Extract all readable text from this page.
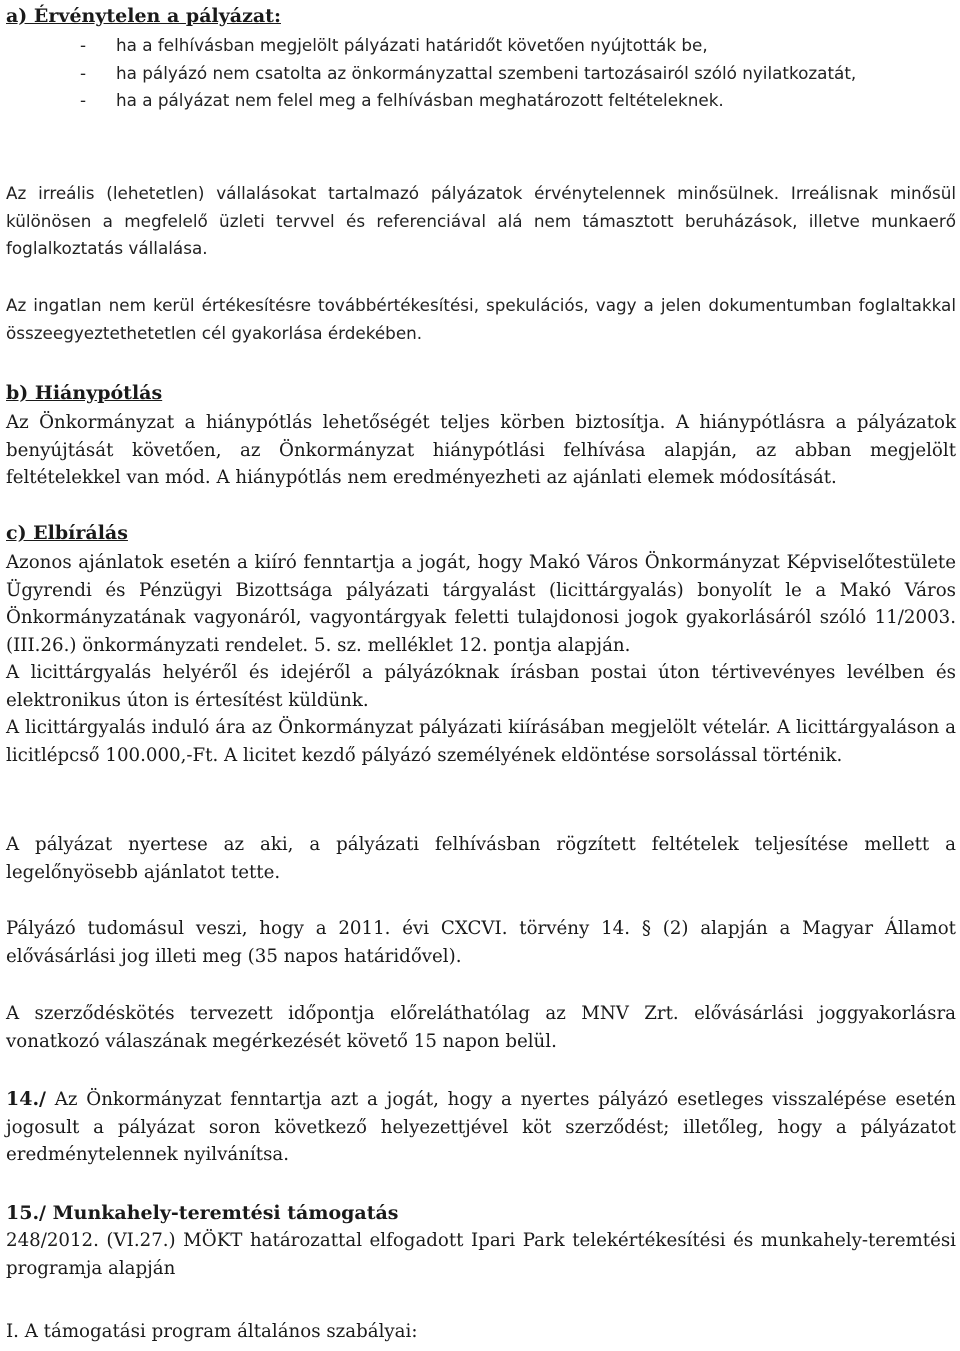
a) Érvénytelen a pályázat:

- ha a felhívásban megjelölt pályázati határidőt követően nyújtották be,
- ha pályázó nem csatolta az önkormányzattal szembeni tartozásairól szóló nyilatkozatát,
- ha a pályázat nem felel meg a felhívásban meghatározott feltételeknek.
Az irreális (lehetetlen) vállalásokat tartalmazó pályázatok érvénytelennek minősülnek. Irreálisnak minősül különösen a megfelelő üzleti tervvel és referenciával alá nem támasztott beruházások, illetve munkaerő foglalkoztatás vállalása.
Az ingatlan nem kerül értékesítésre továbbértékesítési, spekulációs, vagy a jelen dokumentumban foglaltakkal összeegyeztethetetlen cél gyakorlása érdekében.

b) Hiánypótlás

Az Önkormányzat a hiánypótlás lehetőségét teljes körben biztosítja. A hiánypótlásra a pályázatok benyújtását követően, az Önkormányzat hiánypótlási felhívása alapján, az abban megjelölt feltételekkel van mód. A hiánypótlás nem eredményezheti az ajánlati elemek módosítását.

c) Elbírálás

Azonos ajánlatok esetén a kiíró fenntartja a jogát, hogy Makó Város Önkormányzat Képviselőtestülete Ügyrendi és Pénzügyi Bizottsága pályázati tárgyalást (licittárgyalás) bonyolít le a Makó Város Önkormányzatának vagyonáról, vagyontárgyak feletti tulajdonosi jogok gyakorlásáról szóló 11/2003. (III.26.) önkormányzati rendelet. 5. sz. melléklet 12. pontja alapján.

A licittárgyalás helyéről és idejéről a pályázóknak írásban postai úton tértivevényes levélben és elektronikus úton is értesítést küldünk.

A licittárgyalás induló ára az Önkormányzat pályázati kiírásában megjelölt vételár. A licittárgyaláson a licitlépcső 100.000,-Ft. A licitet kezdő pályázó személyének eldöntése sorsolással történik.

A pályázat nyertese az aki, a pályázati felhívásban rögzített feltételek teljesítése mellett a legelőnyösebb ajánlatot tette.
Pályázó tudomásul veszi, hogy a 2011. évi CXCVI. törvény 14. § (2) alapján a Magyar Államot elővásárlási jog illeti meg (35 napos határidővel).
A szerződéskötés tervezett időpontja előreláthatólag az MNV Zrt. elővásárlási joggyakorlásra vonatkozó válaszának megérkezését követő 15 napon belül.
14./ Az Önkormányzat fenntartja azt a jogát, hogy a nyertes pályázó esetleges visszalépése esetén jogosult a pályázat soron következő helyezettjével köt szerződést; illetőleg, hogy a pályázatot eredménytelennek nyilvánítsa.

15./ Munkahely-teremtési támogatás

248/2012. (VI.27.) MÖKT határozattal elfogadott Ipari Park telekértékesítési és munkahely-teremtési programja alapján

I. A támogatási program általános szabályai:
